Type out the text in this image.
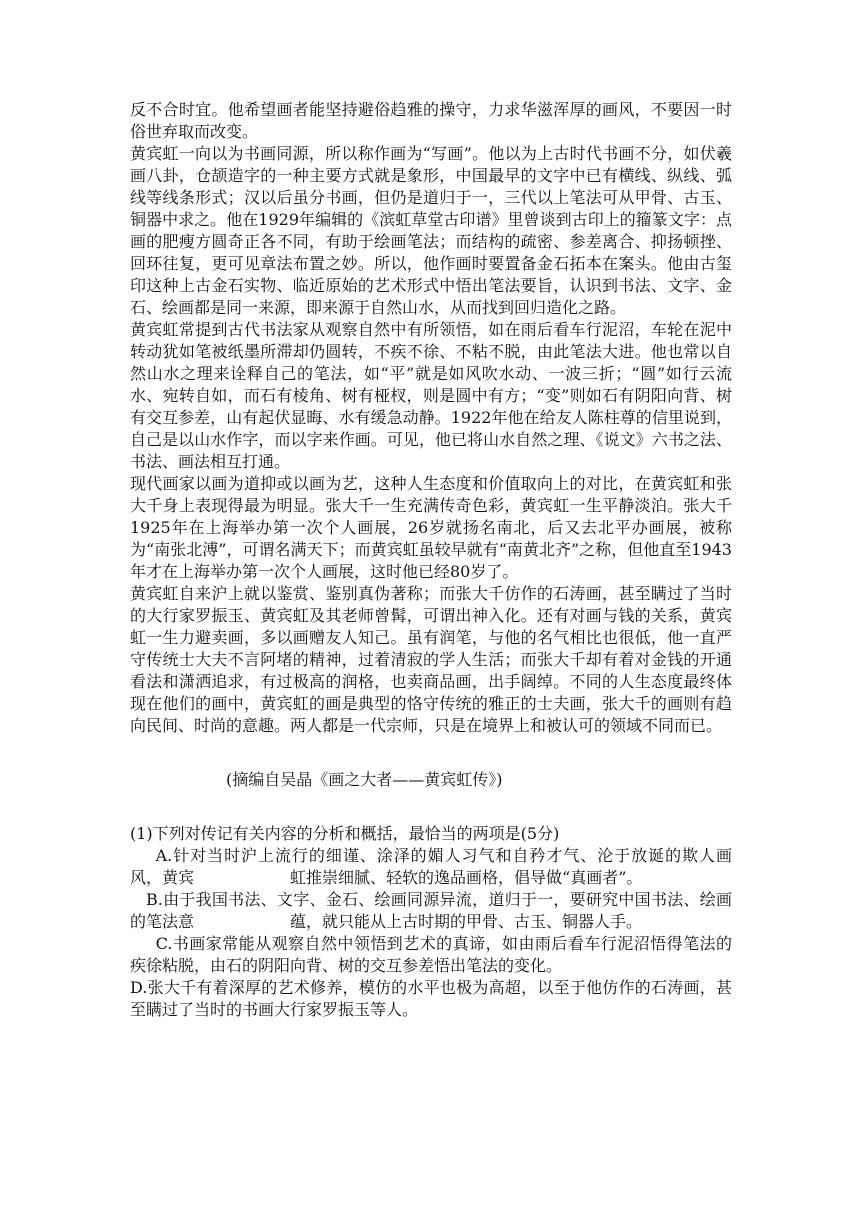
反不合时宜。他希望画者能坚持避俗趋雅的操守，力求华滋浑厚的画风，不要因一时俗世弃取而改变。

黄宾虹一向以为书画同源，所以称作画为“写画”。他以为上古时代书画不分，如伏羲画八卦，仓颉造字的一种主要方式就是象形，中国最早的文字中已有横线、纵线、弧线等线条形式；汉以后虽分书画，但仍是道归于一，三代以上笔法可从甲骨、古玉、铜器中求之。他在1929年编辑的《滨虹草堂古印谱》里曾谈到古印上的籀篆文字：点画的肥瘦方圆奇正各不同，有助于绘画笔法；而结构的疏密、参差离合、抑扬顿挫、回环往复，更可见章法布置之妙。所以，他作画时要置备金石拓本在案头。他由古玺印这种上古金石实物、临近原始的艺术形式中悟出笔法要旨，认识到书法、文字、金石、绘画都是同一来源，即来源于自然山水，从而找到回归造化之路。

黄宾虹常提到古代书法家从观察自然中有所领悟，如在雨后看车行泥沼，车轮在泥中转动犹如笔被纸墨所滞却仍圆转，不疾不徐、不粘不脱，由此笔法大进。他也常以自然山水之理来诠释自己的笔法，如“平”就是如风吹水动、一波三折；“圆”如行云流水、宛转自如，而石有棱角、树有桠杈，则是圆中有方；“变”则如石有阴阳向背、树有交互参差，山有起伏显晦、水有缓急动静。1922年他在给友人陈柱尊的信里说到，自己是以山水作字，而以字来作画。可见，他已将山水自然之理、《说文》六书之法、书法、画法相互打通。

现代画家以画为道抑或以画为艺，这种人生态度和价值取向上的对比，在黄宾虹和张大千身上表现得最为明显。张大千一生充满传奇色彩，黄宾虹一生平静淡泊。张大千1925年在上海举办第一次个人画展，26岁就扬名南北，后又去北平办画展，被称为“南张北溥”，可谓名满天下；而黄宾虹虽较早就有“南黄北齐”之称，但他直至1943年才在上海举办第一次个人画展，这时他已经80岁了。

黄宾虹自来沪上就以鉴赏、鉴别真伪著称；而张大千仿作的石涛画，甚至瞒过了当时的大行家罗振玉、黄宾虹及其老师曾髯，可谓出神入化。还有对画与钱的关系，黄宾虹一生力避卖画，多以画赠友人知己。虽有润笔，与他的名气相比也很低，他一直严守传统士大夫不言阿堵的精神，过着清寂的学人生活；而张大千却有着对金钱的开通看法和潇洒追求，有过极高的润格，也卖商品画，出手阔绰。不同的人生态度最终体现在他们的画中，黄宾虹的画是典型的恪守传统的雅正的士夫画，张大千的画则有趋向民间、时尚的意趣。两人都是一代宗师，只是在境界上和被认可的领域不同而已。

(摘编自吴晶《画之大者——黄宾虹传》)

(1)下列对传记有关内容的分析和概括，最恰当的两项是(5分)

A.针对当时沪上流行的细谨、涂泽的媚人习气和自矜才气、沦于放诞的欺人画风，黄宾	虹推崇细腻、轻软的逸品画格，倡导做“真画者”。

B.由于我国书法、文字、金石、绘画同源异流，道归于一，要研究中国书法、绘画的笔法意	蕴，就只能从上古时期的甲骨、古玉、铜器人手。

C.书画家常能从观察自然中领悟到艺术的真谛，如由雨后看车行泥沼悟得笔法的疾徐粘脱，由石的阴阳向背、树的交互参差悟出笔法的变化。

D.张大千有着深厚的艺术修养，模仿的水平也极为高超，以至于他仿作的石涛画，甚至瞒过了当时的书画大行家罗振玉等人。
